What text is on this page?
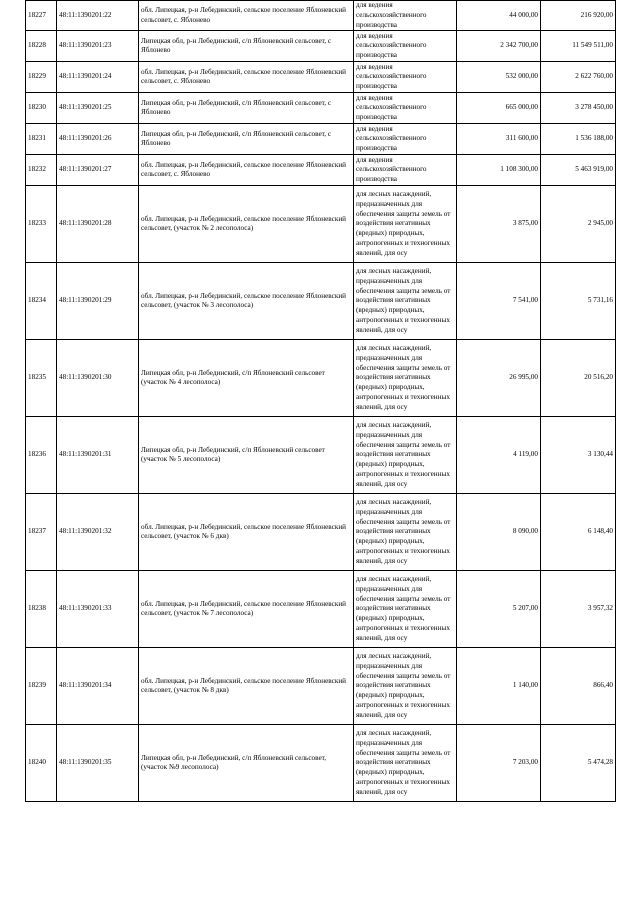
18227	48:11:1390201:22	обл. Липецкая, р-н Лебединский, сельское поселение Яблоневский сельсовет, с. Яблонево	для ведения сельскохозяйственного производства	44 000,00	216 920,00
18228	48:11:1390201:23	Липецкая обл, р-н Лебединский, с/п Яблоневский сельсовет, с Яблонево	для ведения сельскохозяйственного производства	2 342 700,00	11 549 511,00
18229	48:11:1390201:24	обл. Липецкая, р-н Лебединский, сельское поселение Яблоневский сельсовет, с. Яблонево	для ведения сельскохозяйственного производства	532 000,00	2 622 760,00
18230	48:11:1390201:25	Липецкая обл, р-н Лебединский, с/п Яблоневский сельсовет, с Яблонево	для ведения сельскохозяйственного производства	665 000,00	3 278 450,00
18231	48:11:1390201:26	Липецкая обл, р-н Лебединский, с/п Яблоневский сельсовет, с Яблонево	для ведения сельскохозяйственного производства	311 600,00	1 536 188,00
18232	48:11:1390201:27	обл. Липецкая, р-н Лебединский, сельское поселение Яблоневский сельсовет, с. Яблонево	для ведения сельскохозяйственного производства	1 108 300,00	5 463 919,00
18233	48:11:1390201:28	обл. Липецкая, р-н Лебединский, сельское поселение Яблоневский сельсовет, (участок № 2 лесополоса)	для лесных насаждений, предназначенных для обеспечения защиты земель от воздействия негативных (вредных) природных, антропогенных и техногенных явлений, для осу	3 875,00	2 945,00
18234	48:11:1390201:29	обл. Липецкая, р-н Лебединский, сельское поселение Яблоневский сельсовет, (участок № 3 лесополоса)	для лесных насаждений, предназначенных для обеспечения защиты земель от воздействия негативных (вредных) природных, антропогенных и техногенных явлений, для осу	7 541,00	5 731,16
18235	48:11:1390201:30	Липецкая обл, р-н Лебединский, с/п Яблоневский сельсовет (участок № 4 лесополоса)	для лесных насаждений, предназначенных для обеспечения защиты земель от воздействия негативных (вредных) природных, антропогенных и техногенных явлений, для осу	26 995,00	20 516,20
18236	48:11:1390201:31	Липецкая обл, р-н Лебединский, с/п Яблоневский сельсовет (участок № 5 лесополоса)	для лесных насаждений, предназначенных для обеспечения защиты земель от воздействия негативных (вредных) природных, антропогенных и техногенных явлений, для осу	4 119,00	3 130,44
18237	48:11:1390201:32	обл. Липецкая, р-н Лебединский, сельское поселение Яблоневский сельсовет, (участок № 6 дкв)	для лесных насаждений, предназначенных для обеспечения защиты земель от воздействия негативных (вредных) природных, антропогенных и техногенных явлений, для осу	8 090,00	6 148,40
18238	48:11:1390201:33	обл. Липецкая, р-н Лебединский, сельское поселение Яблоневский сельсовет, (участок № 7 лесополоса)	для лесных насаждений, предназначенных для обеспечения защиты земель от воздействия негативных (вредных) природных, антропогенных и техногенных явлений, для осу	5 207,00	3 957,32
18239	48:11:1390201:34	обл. Липецкая, р-н Лебединский, сельское поселение Яблоневский сельсовет, (участок № 8 дкв)	для лесных насаждений, предназначенных для обеспечения защиты земель от воздействия негативных (вредных) природных, антропогенных и техногенных явлений, для осу	1 140,00	866,40
18240	48:11:1390201:35	Липецкая обл, р-н Лебединский, с/п Яблоневский сельсовет, (участок №9 лесополоса)	для лесных насаждений, предназначенных для обеспечения защиты земель от воздействия негативных (вредных) природных, антропогенных и техногенных явлений, для осу	7 203,00	5 474,28
